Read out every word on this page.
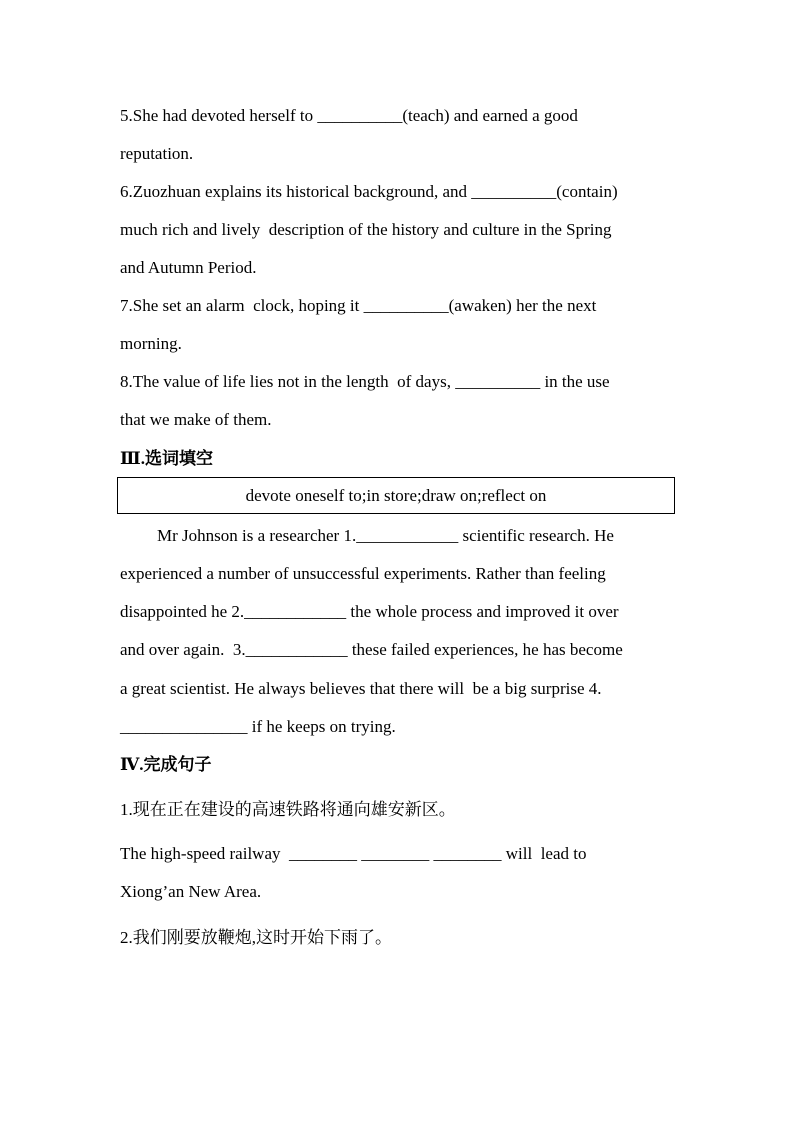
5.She had devoted herself to __________(teach) and earned a good
reputation.
6.Zuozhuan explains its historical background, and __________(contain)
much rich and lively  description of the history and culture in the Spring
and Autumn Period.
7.She set an alarm  clock, hoping it __________(awaken) her the next
morning.
8.The value of life lies not in the length  of days, __________ in the use
that we make of them.
Ⅲ.选词填空
devote oneself to;in store;draw on;reflect on
Mr Johnson is a researcher 1.____________ scientific research. He
experienced a number of unsuccessful experiments. Rather than feeling
disappointed he 2.____________ the whole process and improved it over
and over again.  3.____________ these failed experiences, he has become
a great scientist. He always believes that there will  be a big surprise 4.
_______________ if he keeps on trying.
Ⅳ.完成句子
1.现在正在建设的高速铁路将通向雄安新区。
The high-speed railway  ________ ________ ________ will  lead to
Xiong’an New Area.
2.我们刚要放鞭炮,这时开始下雨了。
